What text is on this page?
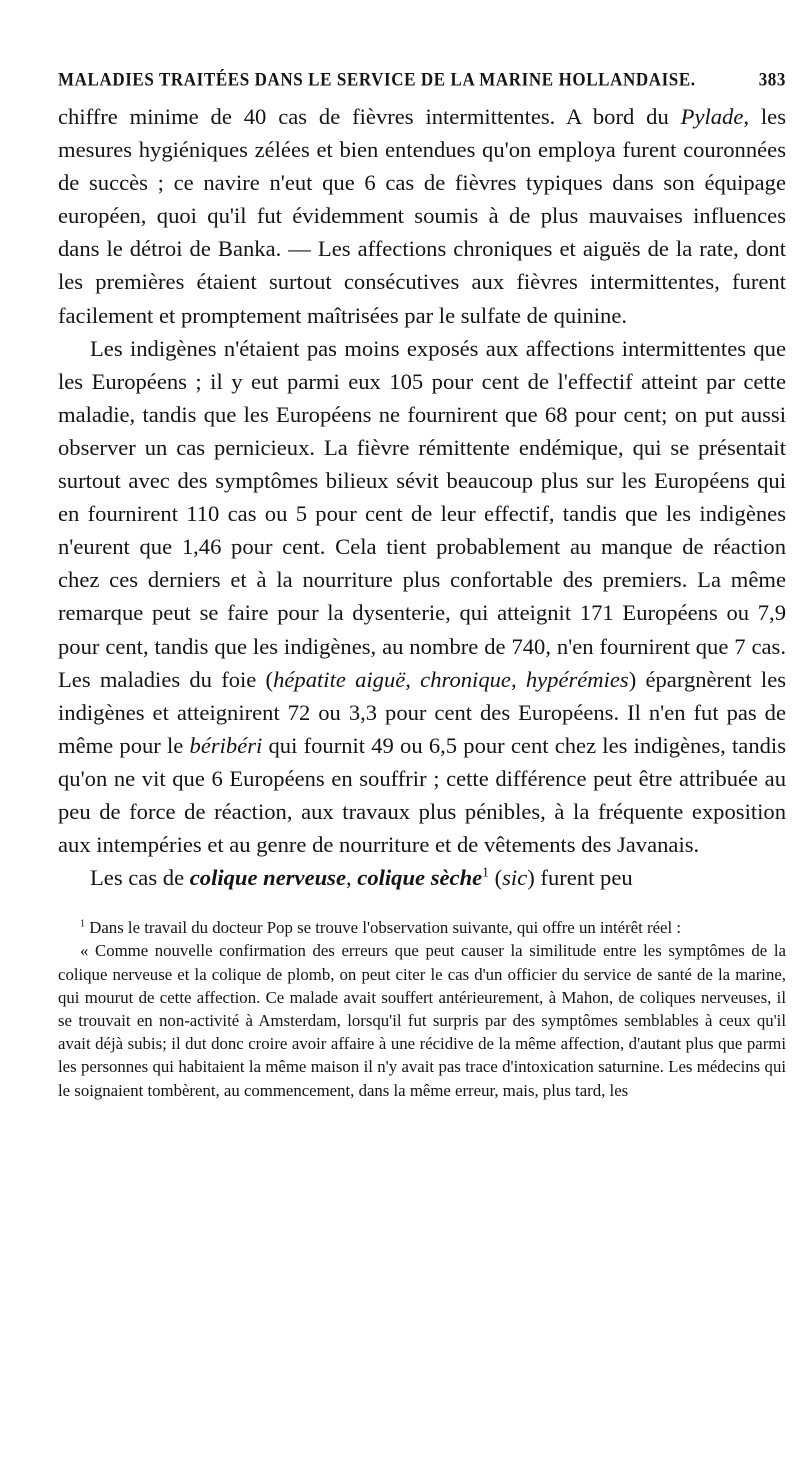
MALADIES TRAITÉES DANS LE SERVICE DE LA MARINE HOLLANDAISE.	383

chiffre minime de 40 cas de fièvres intermittentes. A bord du Pylade, les mesures hygiéniques zélées et bien entendues qu'on employa furent couronnées de succès ; ce navire n'eut que 6 cas de fièvres typiques dans son équipage européen, quoi qu'il fut évidemment soumis à de plus mauvaises influences dans le détroi de Banka. — Les affections chroniques et aiguës de la rate, dont les premières étaient surtout consécutives aux fièvres intermittentes, furent facilement et promptement maîtrisées par le sulfate de quinine.

Les indigènes n'étaient pas moins exposés aux affections intermittentes que les Européens ; il y eut parmi eux 105 pour cent de l'effectif atteint par cette maladie, tandis que les Européens ne fournirent que 68 pour cent; on put aussi observer un cas pernicieux. La fièvre rémittente endémique, qui se présentait surtout avec des symptômes bilieux sévit beaucoup plus sur les Européens qui en fournirent 110 cas ou 5 pour cent de leur effectif, tandis que les indigènes n'eurent que 1,46 pour cent. Cela tient probablement au manque de réaction chez ces derniers et à la nourriture plus confortable des premiers. La même remarque peut se faire pour la dysenterie, qui atteignit 171 Européens ou 7,9 pour cent, tandis que les indigènes, au nombre de 740, n'en fournirent que 7 cas. Les maladies du foie (hépatite aiguë, chronique, hypérémies) épargnèrent les indigènes et atteignirent 72 ou 3,3 pour cent des Européens. Il n'en fut pas de même pour le béribéri qui fournit 49 ou 6,5 pour cent chez les indigènes, tandis qu'on ne vit que 6 Européens en souffrir ; cette différence peut être attribuée au peu de force de réaction, aux travaux plus pénibles, à la fréquente exposition aux intempéries et au genre de nourriture et de vêtements des Javanais.

Les cas de colique nerveuse, colique sèche$^1$ (sic) furent peu

$^1$ Dans le travail du docteur Pop se trouve l'observation suivante, qui offre un intérêt réel :

« Comme nouvelle confirmation des erreurs que peut causer la similitude entre les symptômes de la colique nerveuse et la colique de plomb, on peut citer le cas d'un officier du service de santé de la marine, qui mourut de cette affection. Ce malade avait souffert antérieurement, à Mahon, de coliques nerveuses, il se trouvait en non-activité à Amsterdam, lorsqu'il fut surpris par des symptômes semblables à ceux qu'il avait déjà subis; il dut donc croire avoir affaire à une récidive de la même affection, d'autant plus que parmi les personnes qui habitaient la même maison il n'y avait pas trace d'intoxication saturnine. Les médecins qui le soignaient tombèrent, au commencement, dans la même erreur, mais, plus tard, les
